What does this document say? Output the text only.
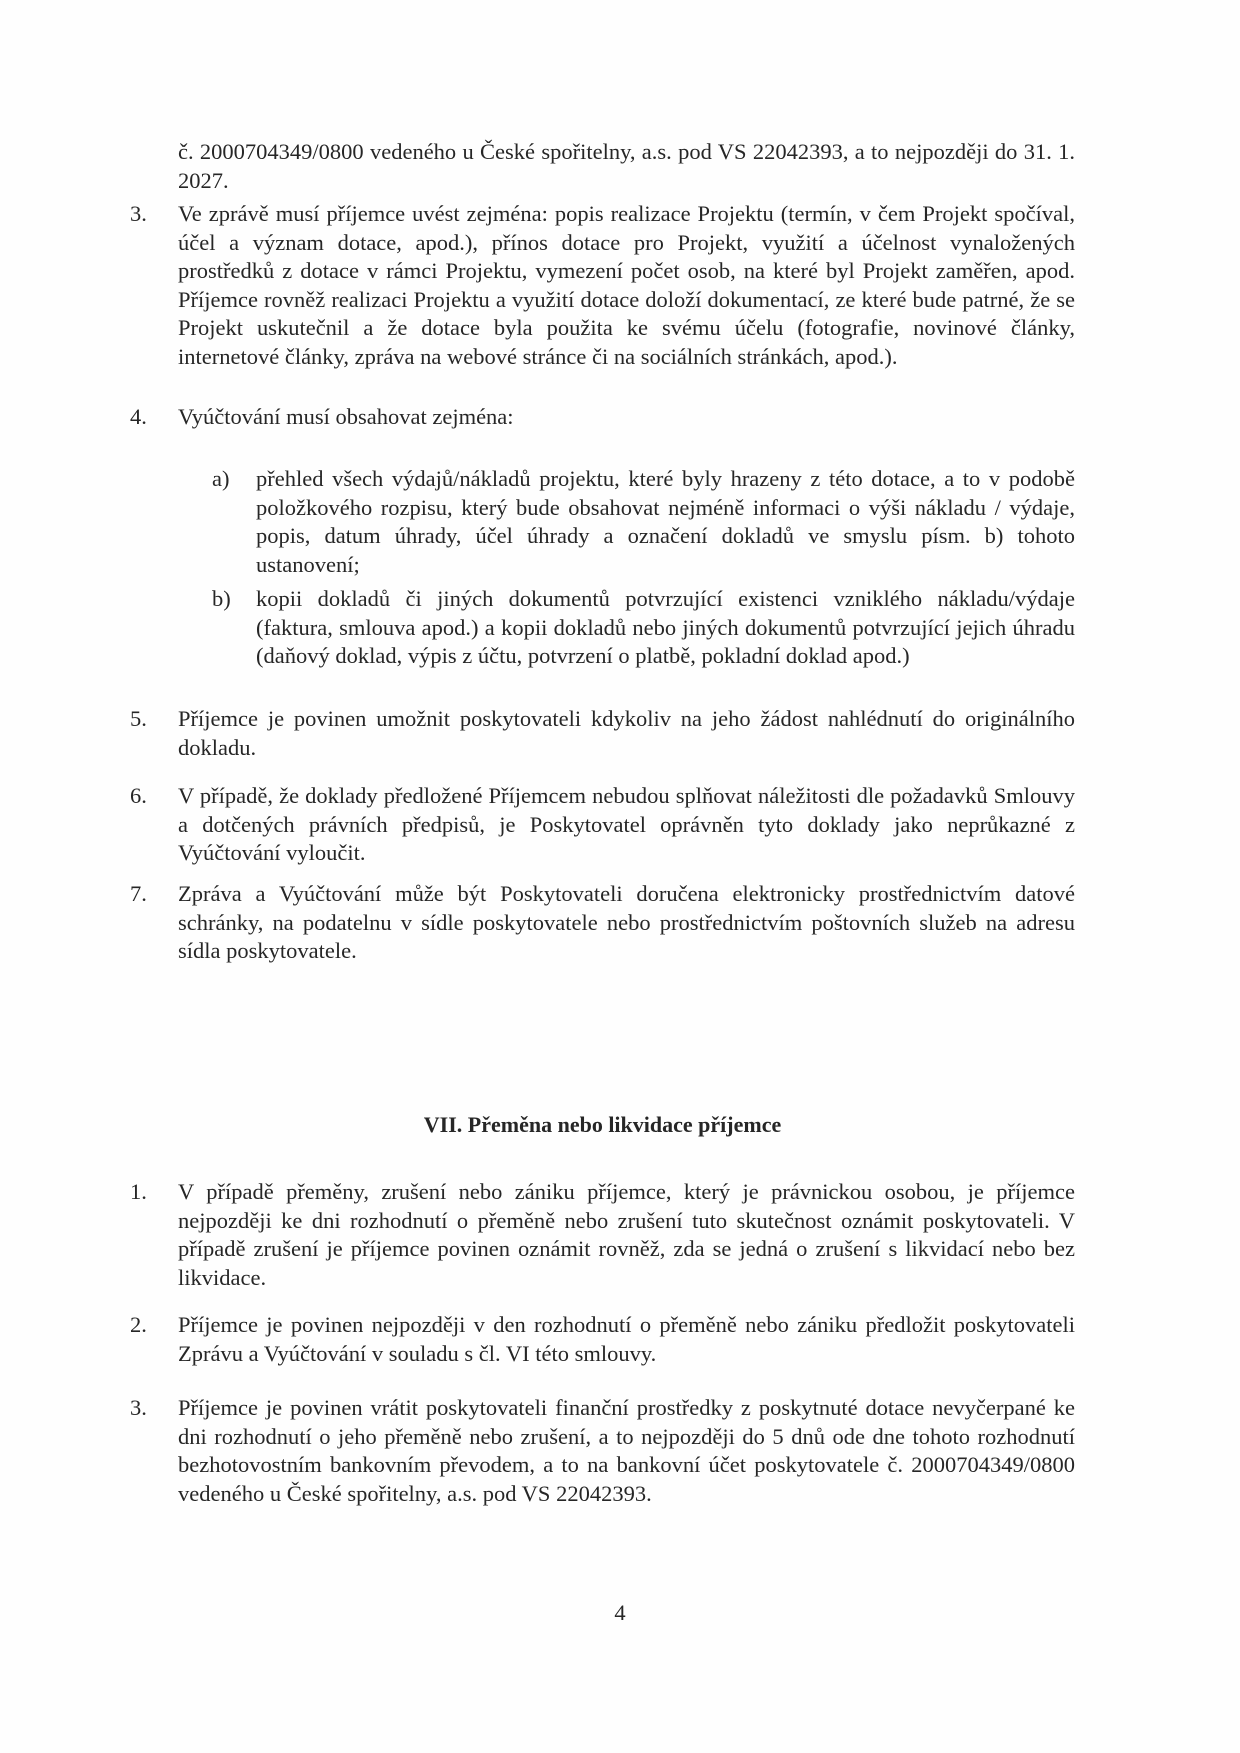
č. 2000704349/0800 vedeného u České spořitelny, a.s. pod VS 22042393, a to nejpozději do 31. 1. 2027.
3.	Ve zprávě musí příjemce uvést zejména: popis realizace Projektu (termín, v čem Projekt spočíval, účel a význam dotace, apod.), přínos dotace pro Projekt, využití a účelnost vynaložených prostředků z dotace v rámci Projektu, vymezení počet osob, na které byl Projekt zaměřen, apod. Příjemce rovněž realizaci Projektu a využití dotace doloží dokumentací, ze které bude patrné, že se Projekt uskutečnil a že dotace byla použita ke svému účelu (fotografie, novinové články, internetové články, zpráva na webové stránce či na sociálních stránkách, apod.).
4.	Vyúčtování musí obsahovat zejména:
a)	přehled všech výdajů/nákladů projektu, které byly hrazeny z této dotace, a to v podobě položkového rozpisu, který bude obsahovat nejméně informaci o výši nákladu / výdaje, popis, datum úhrady, účel úhrady a označení dokladů ve smyslu písm. b) tohoto ustanovení;
b)	kopii dokladů či jiných dokumentů potvrzující existenci vzniklého nákladu/výdaje (faktura, smlouva apod.) a kopii dokladů nebo jiných dokumentů potvrzující jejich úhradu (daňový doklad, výpis z účtu, potvrzení o platbě, pokladní doklad apod.)
5.	Příjemce je povinen umožnit poskytovateli kdykoliv na jeho žádost nahlédnutí do originálního dokladu.
6.	V případě, že doklady předložené Příjemcem nebudou splňovat náležitosti dle požadavků Smlouvy a dotčených právních předpisů, je Poskytovatel oprávněn tyto doklady jako neprůkazné z Vyúčtování vyloučit.
7.	Zpráva a Vyúčtování může být Poskytovateli doručena elektronicky prostřednictvím datové schránky, na podatelnu v sídle poskytovatele nebo prostřednictvím poštovních služeb na adresu sídla poskytovatele.
VII. Přeměna nebo likvidace příjemce
1.	V případě přeměny, zrušení nebo zániku příjemce, který je právnickou osobou, je příjemce nejpozději ke dni rozhodnutí o přeměně nebo zrušení tuto skutečnost oznámit poskytovateli. V případě zrušení je příjemce povinen oznámit rovněž, zda se jedná o zrušení s likvidací nebo bez likvidace.
2.	Příjemce je povinen nejpozději v den rozhodnutí o přeměně nebo zániku předložit poskytovateli Zprávu a Vyúčtování v souladu s čl. VI této smlouvy.
3.	Příjemce je povinen vrátit poskytovateli finanční prostředky z poskytnuté dotace nevyčerpané ke dni rozhodnutí o jeho přeměně nebo zrušení, a to nejpozději do 5 dnů ode dne tohoto rozhodnutí bezhotovostním bankovním převodem, a to na bankovní účet poskytovatele č. 2000704349/0800 vedeného u České spořitelny, a.s. pod VS 22042393.
4
